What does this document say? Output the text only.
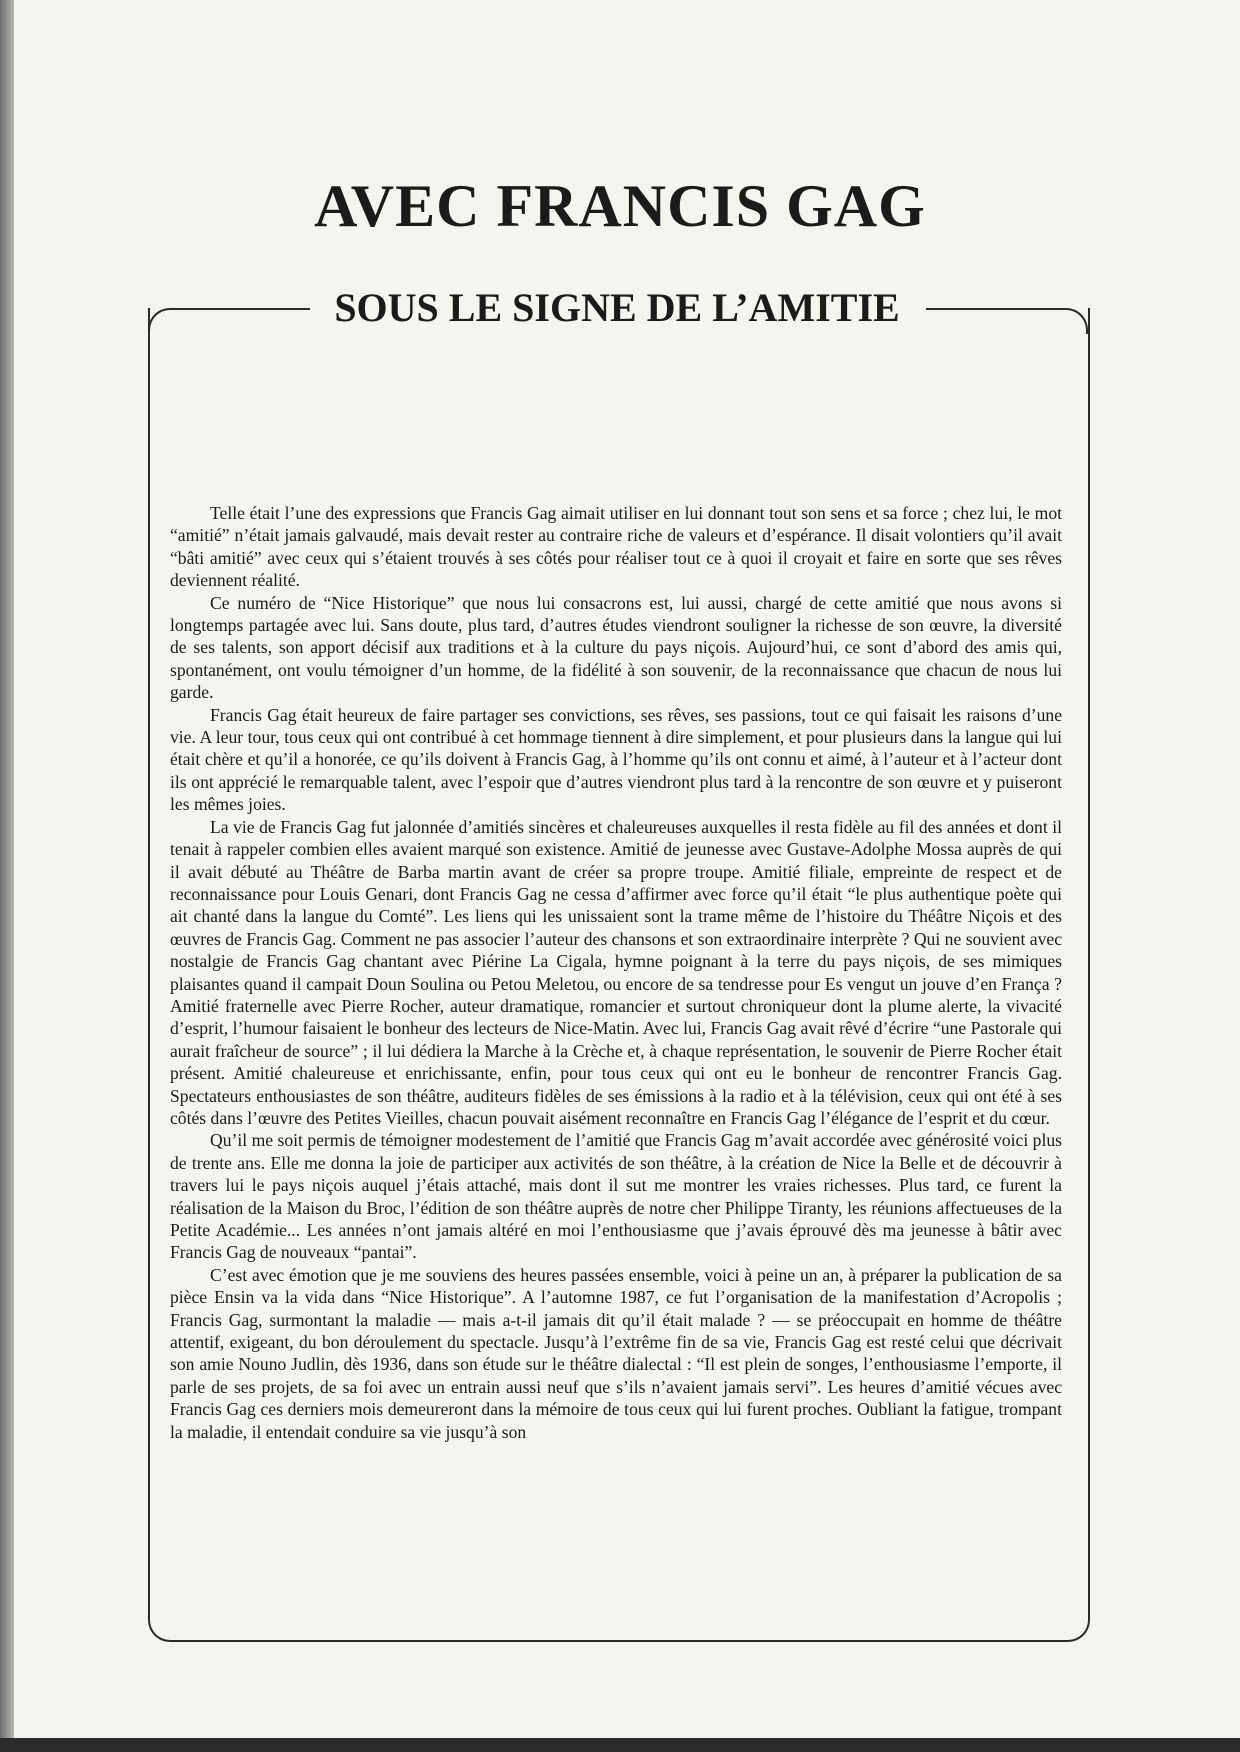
AVEC FRANCIS GAG
SOUS LE SIGNE DE L’AMITIE

Telle était l’une des expressions que Francis Gag aimait utiliser en lui donnant tout son sens et sa force ; chez lui, le mot “amitié” n’était jamais galvaudé, mais devait rester au contraire riche de valeurs et d’espérance. Il disait volontiers qu’il avait “bâti amitié” avec ceux qui s’étaient trouvés à ses côtés pour réaliser tout ce à quoi il croyait et faire en sorte que ses rêves deviennent réalité.

Ce numéro de “Nice Historique” que nous lui consacrons est, lui aussi, chargé de cette amitié que nous avons si longtemps partagée avec lui. Sans doute, plus tard, d’autres études viendront souligner la richesse de son œuvre, la diversité de ses talents, son apport décisif aux traditions et à la culture du pays niçois. Aujourd’hui, ce sont d’abord des amis qui, spontanément, ont voulu témoigner d’un homme, de la fidélité à son souvenir, de la reconnaissance que chacun de nous lui garde.

Francis Gag était heureux de faire partager ses convictions, ses rêves, ses passions, tout ce qui faisait les raisons d’une vie. A leur tour, tous ceux qui ont contribué à cet hommage tiennent à dire simplement, et pour plusieurs dans la langue qui lui était chère et qu’il a honorée, ce qu’ils doivent à Francis Gag, à l’homme qu’ils ont connu et aimé, à l’auteur et à l’acteur dont ils ont apprécié le remarquable talent, avec l’espoir que d’autres viendront plus tard à la rencontre de son œuvre et y puiseront les mêmes joies.

La vie de Francis Gag fut jalonnée d’amitiés sincères et chaleureuses auxquelles il resta fidèle au fil des années et dont il tenait à rappeler combien elles avaient marqué son existence. Amitié de jeunesse avec Gustave-Adolphe Mossa auprès de qui il avait débuté au Théâtre de Barba martin avant de créer sa propre troupe. Amitié filiale, empreinte de respect et de reconnaissance pour Louis Genari, dont Francis Gag ne cessa d’affirmer avec force qu’il était “le plus authentique poète qui ait chanté dans la langue du Comté”. Les liens qui les unissaient sont la trame même de l’histoire du Théâtre Niçois et des œuvres de Francis Gag. Comment ne pas associer l’auteur des chansons et son extraordinaire interprète ? Qui ne souvient avec nostalgie de Francis Gag chantant avec Piérine La Cigala, hymne poignant à la terre du pays niçois, de ses mimiques plaisantes quand il campait Doun Soulina ou Petou Meletou, ou encore de sa tendresse pour Es vengut un jouve d’en França ? Amitié fraternelle avec Pierre Rocher, auteur dramatique, romancier et surtout chroniqueur dont la plume alerte, la vivacité d’esprit, l’humour faisaient le bonheur des lecteurs de Nice-Matin. Avec lui, Francis Gag avait rêvé d’écrire “une Pastorale qui aurait fraîcheur de source” ; il lui dédiera la Marche à la Crèche et, à chaque représentation, le souvenir de Pierre Rocher était présent. Amitié chaleureuse et enrichissante, enfin, pour tous ceux qui ont eu le bonheur de rencontrer Francis Gag. Spectateurs enthousiastes de son théâtre, auditeurs fidèles de ses émissions à la radio et à la télévision, ceux qui ont été à ses côtés dans l’œuvre des Petites Vieilles, chacun pouvait aisément reconnaître en Francis Gag l’élégance de l’esprit et du cœur.

Qu’il me soit permis de témoigner modestement de l’amitié que Francis Gag m’avait accordée avec générosité voici plus de trente ans. Elle me donna la joie de participer aux activités de son théâtre, à la création de Nice la Belle et de découvrir à travers lui le pays niçois auquel j’étais attaché, mais dont il sut me montrer les vraies richesses. Plus tard, ce furent la réalisation de la Maison du Broc, l’édition de son théâtre auprès de notre cher Philippe Tiranty, les réunions affectueuses de la Petite Académie... Les années n’ont jamais altéré en moi l’enthousiasme que j’avais éprouvé dès ma jeunesse à bâtir avec Francis Gag de nouveaux “pantai”.

C’est avec émotion que je me souviens des heures passées ensemble, voici à peine un an, à préparer la publication de sa pièce Ensin va la vida dans “Nice Historique”. A l’automne 1987, ce fut l’organisation de la manifestation d’Acropolis ; Francis Gag, surmontant la maladie — mais a-t-il jamais dit qu’il était malade ? — se préoccupait en homme de théâtre attentif, exigeant, du bon déroulement du spectacle. Jusqu’à l’extrême fin de sa vie, Francis Gag est resté celui que décrivait son amie Nouno Judlin, dès 1936, dans son étude sur le théâtre dialectal : “Il est plein de songes, l’enthousiasme l’emporte, il parle de ses projets, de sa foi avec un entrain aussi neuf que s’ils n’avaient jamais servi”. Les heures d’amitié vécues avec Francis Gag ces derniers mois demeureront dans la mémoire de tous ceux qui lui furent proches. Oubliant la fatigue, trompant la maladie, il entendait conduire sa vie jusqu’à son
